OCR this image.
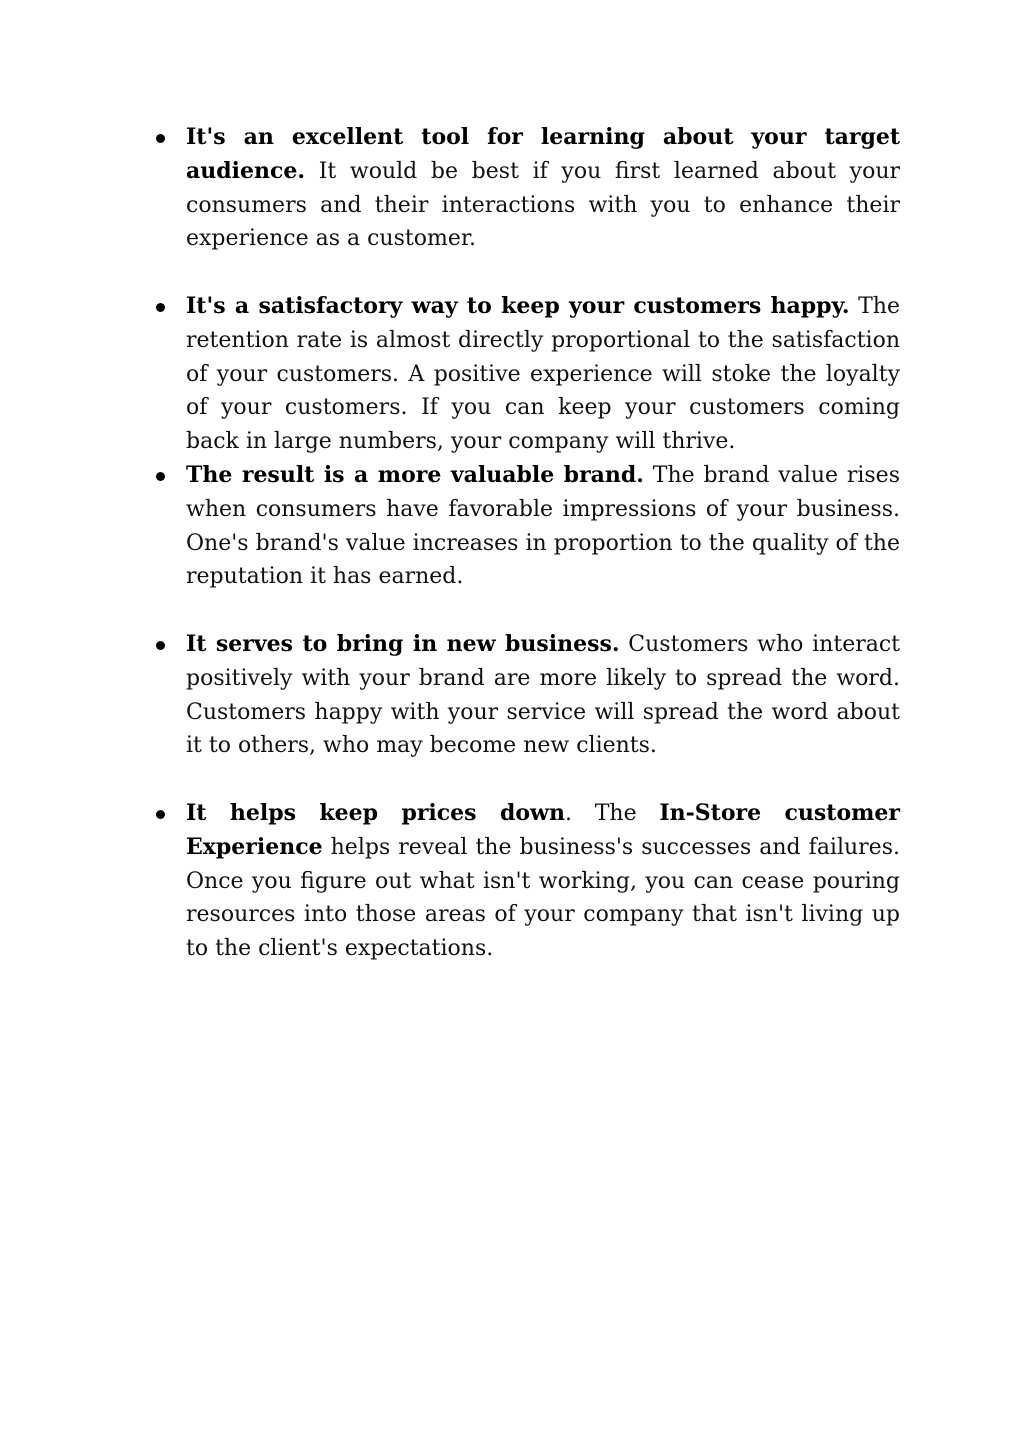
It's an excellent tool for learning about your target audience. It would be best if you first learned about your consumers and their interactions with you to enhance their experience as a customer.
It's a satisfactory way to keep your customers happy. The retention rate is almost directly proportional to the satisfaction of your customers. A positive experience will stoke the loyalty of your customers. If you can keep your customers coming back in large numbers, your company will thrive.
The result is a more valuable brand. The brand value rises when consumers have favorable impressions of your business. One's brand's value increases in proportion to the quality of the reputation it has earned.
It serves to bring in new business. Customers who interact positively with your brand are more likely to spread the word. Customers happy with your service will spread the word about it to others, who may become new clients.
It helps keep prices down. The In-Store customer Experience helps reveal the business's successes and failures. Once you figure out what isn't working, you can cease pouring resources into those areas of your company that isn't living up to the client's expectations.
